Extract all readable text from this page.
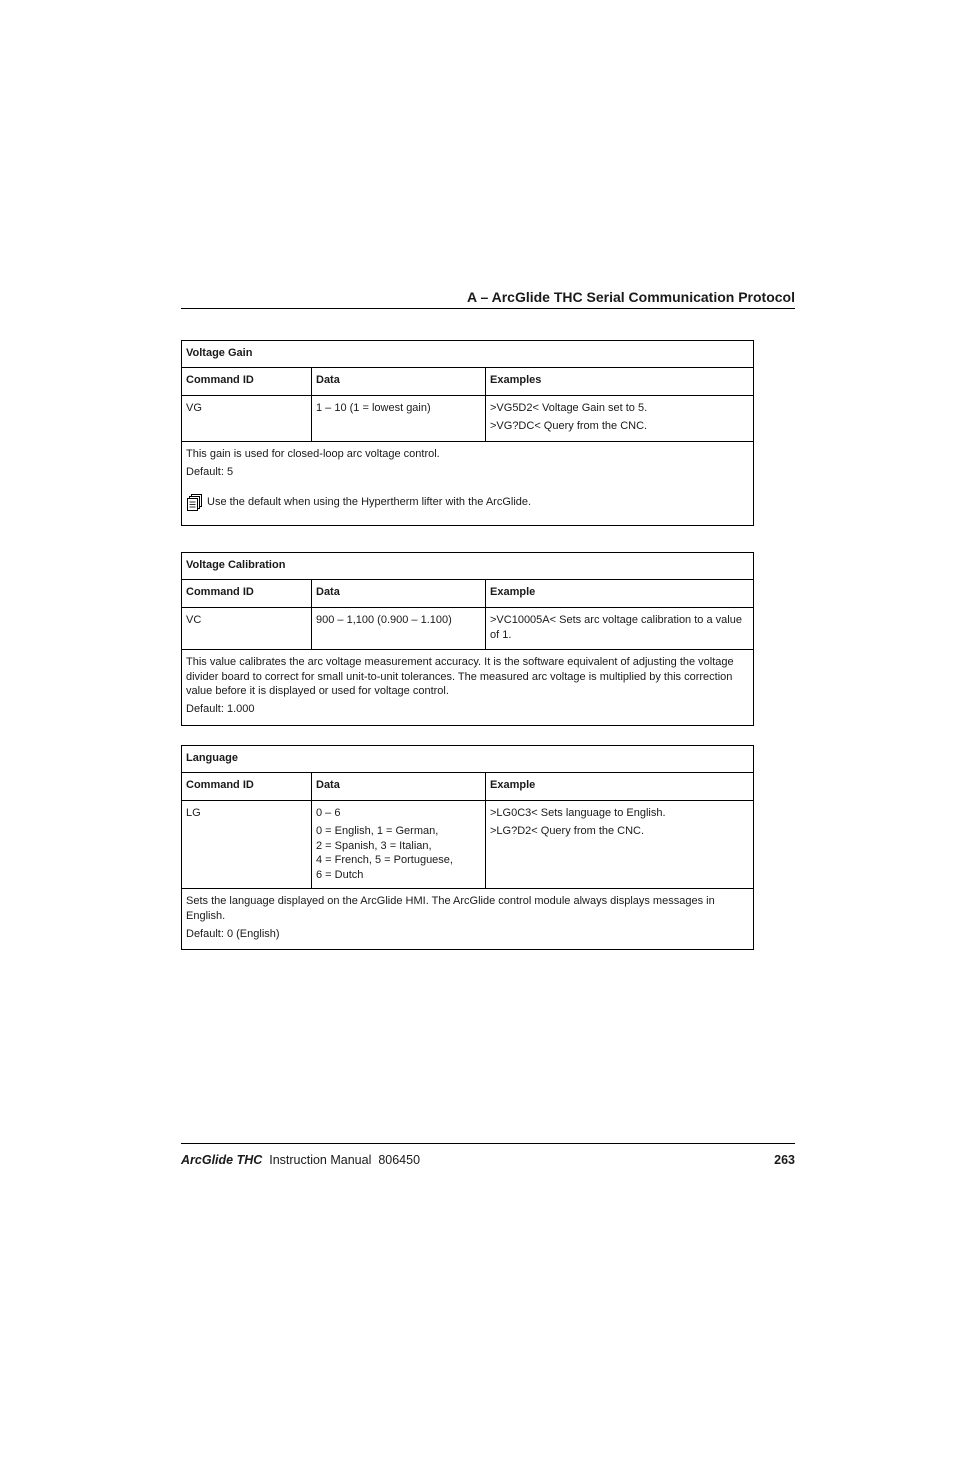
A – ArcGlide THC Serial Communication Protocol
Voltage Gain		
Command ID	Data	Examples
VG	1 – 10 (1 = lowest gain)	>VG5D2< Voltage Gain set to 5.
>VG?DC< Query from the CNC.

This gain is used for closed-loop arc voltage control.
Default: 5
Use the default when using the Hypertherm lifter with the ArcGlide.		
Voltage Calibration		
Command ID	Data	Example
VC	900 – 1,100 (0.900 – 1.100)	>VC10005A< Sets arc voltage calibration to a value of 1.

This value calibrates the arc voltage measurement accuracy. It is the software equivalent of adjusting the voltage divider board to correct for small unit-to-unit tolerances. The measured arc voltage is multiplied by this correction value before it is displayed or used for voltage control.
Default: 1.000		
Language		
Command ID	Data	Example
LG	0 – 6
0 = English, 1 = German,
2 = Spanish, 3 = Italian,
4 = French, 5 = Portuguese,
6 = Dutch	>LG0C3< Sets language to English.
>LG?D2< Query from the CNC.

Sets the language displayed on the ArcGlide HMI. The ArcGlide control module always displays messages in English.
Default: 0 (English)		
ArcGlide THC Instruction Manual 806450	263
